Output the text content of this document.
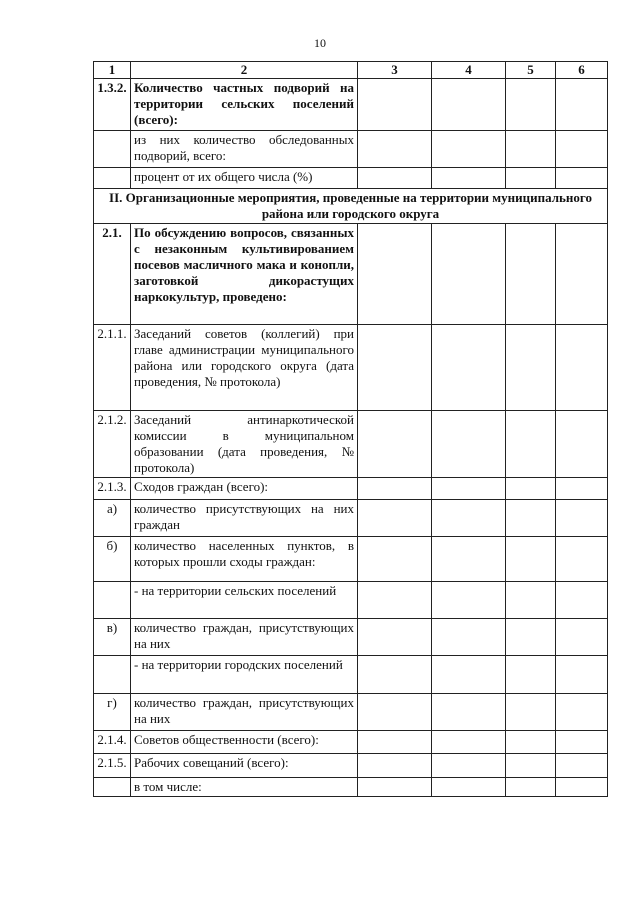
10
1	2	3	4	5	6
1.3.2.	Количество частных подворий на территории сельских поселений (всего):				
	из них количество обследованных подворий, всего:				
	процент от их общего числа (%)				
II. Организационные мероприятия, проведенные на территории муниципального района или городского округа					
2.1.	По обсуждению вопросов, связанных с незаконным культивированием посевов масличного мака и конопли, заготовкой дикорастущих наркокультур, проведено:				
2.1.1.	Заседаний советов (коллегий) при главе администрации муниципального района или городского округа (дата проведения, № протокола)				
2.1.2.	Заседаний антинаркотической комиссии в муниципальном образовании (дата проведения, № протокола)				
2.1.3.	Сходов граждан (всего):				
а)	количество присутствующих на них граждан				
б)	количество населенных пунктов, в которых прошли сходы граждан:				
	- на территории сельских поселений				
в)	количество граждан, присутствующих на них				
	- на территории городских поселений				
г)	количество граждан, присутствующих на них				
2.1.4.	Советов общественности (всего):				
2.1.5.	Рабочих совещаний (всего):				
	в том числе:				
